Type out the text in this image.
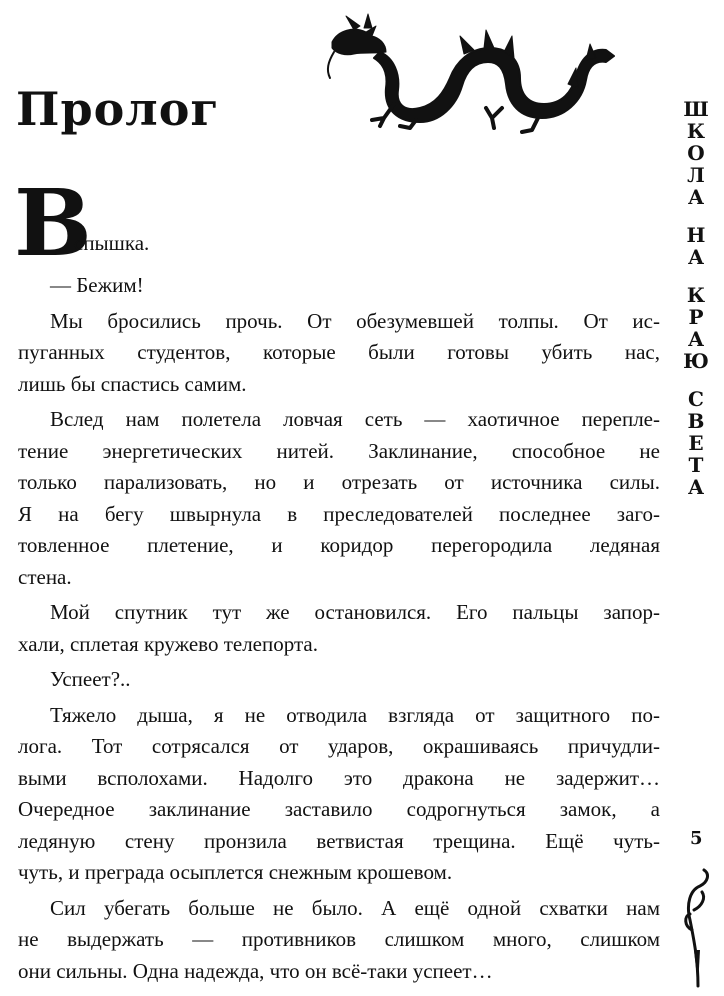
Пролог	Ш
К
О
Л
А
Н
А
К
Р
А
Ю
С
В
Е
Т
А
5
В
спышка.
— Бежим!
Мы бросились прочь. От обезумевшей толпы. От ис-
пуганных студентов, которые были готовы убить нас,
лишь бы спастись самим.
Вслед нам полетела ловчая сеть — хаотичное перепле-
тение энергетических нитей. Заклинание, способное не
только парализовать, но и отрезать от источника силы.
Я на бегу швырнула в преследователей последнее заго-
товленное плетение, и коридор перегородила ледяная
стена.
Мой спутник тут же остановился. Его пальцы запор-
хали, сплетая кружево телепорта.
Успеет?..
Тяжело дыша, я не отводила взгляда от защитного по-
лога. Тот сотрясался от ударов, окрашиваясь причудли-
выми всполохами. Надолго это дракона не задержит…
Очередное заклинание заставило содрогнуться замок, а
ледяную стену пронзила ветвистая трещина. Ещё чуть-
чуть, и преграда осыплется снежным крошевом.
Сил убегать больше не было. А ещё одной схватки нам
не выдержать — противников слишком много, слишком
они сильны. Одна надежда, что он всё-таки успеет…
